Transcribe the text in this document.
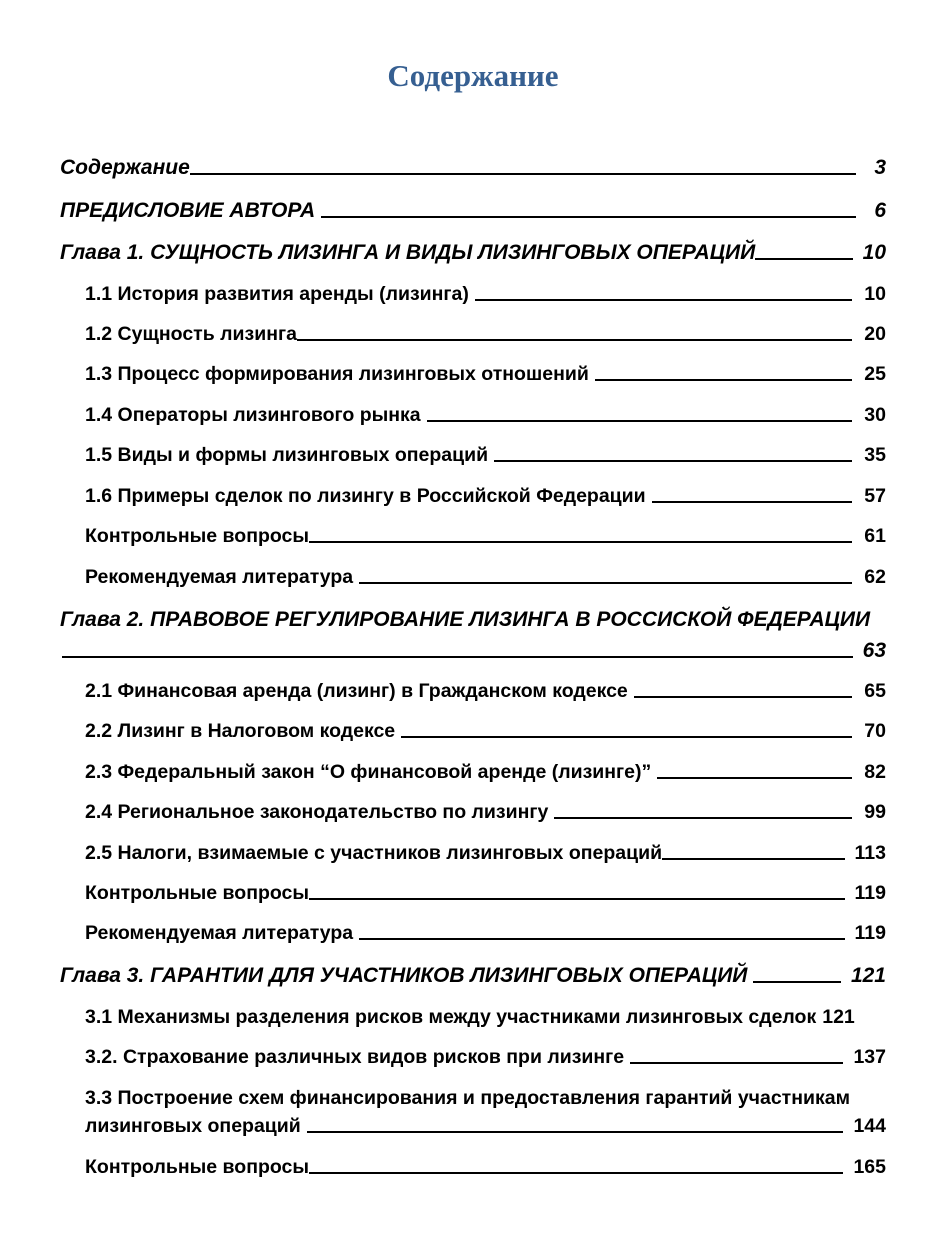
Содержание
Содержание	3
ПРЕДИСЛОВИЕ АВТОРА	6
Глава 1. СУЩНОСТЬ ЛИЗИНГА И ВИДЫ ЛИЗИНГОВЫХ ОПЕРАЦИЙ	10
1.1 История развития аренды (лизинга)	10
1.2 Сущность лизинга	20
1.3 Процесс формирования лизинговых отношений	25
1.4 Операторы лизингового рынка	30
1.5 Виды и формы лизинговых операций	35
1.6 Примеры сделок по лизингу в Российской Федерации	57
Контрольные вопросы	61
Рекомендуемая литература	62
Глава 2. ПРАВОВОЕ РЕГУЛИРОВАНИЕ ЛИЗИНГА В РОССИСКОЙ ФЕДЕРАЦИИ
63
2.1 Финансовая аренда (лизинг) в Гражданском кодексе	65
2.2 Лизинг в Налоговом кодексе	70
2.3 Федеральный закон “О финансовой аренде (лизинге)”	82
2.4 Региональное законодательство по лизингу	99
2.5 Налоги, взимаемые с участников лизинговых операций	113
Контрольные вопросы	119
Рекомендуемая литература	119
Глава 3. ГАРАНТИИ ДЛЯ УЧАСТНИКОВ ЛИЗИНГОВЫХ ОПЕРАЦИЙ	121
3.1 Механизмы разделения рисков между участниками лизинговых сделок 121
3.2. Страхование различных видов рисков при лизинге	137
3.3 Построение схем финансирования и предоставления гарантий участникам
лизинговых операций	144
Контрольные вопросы	165
